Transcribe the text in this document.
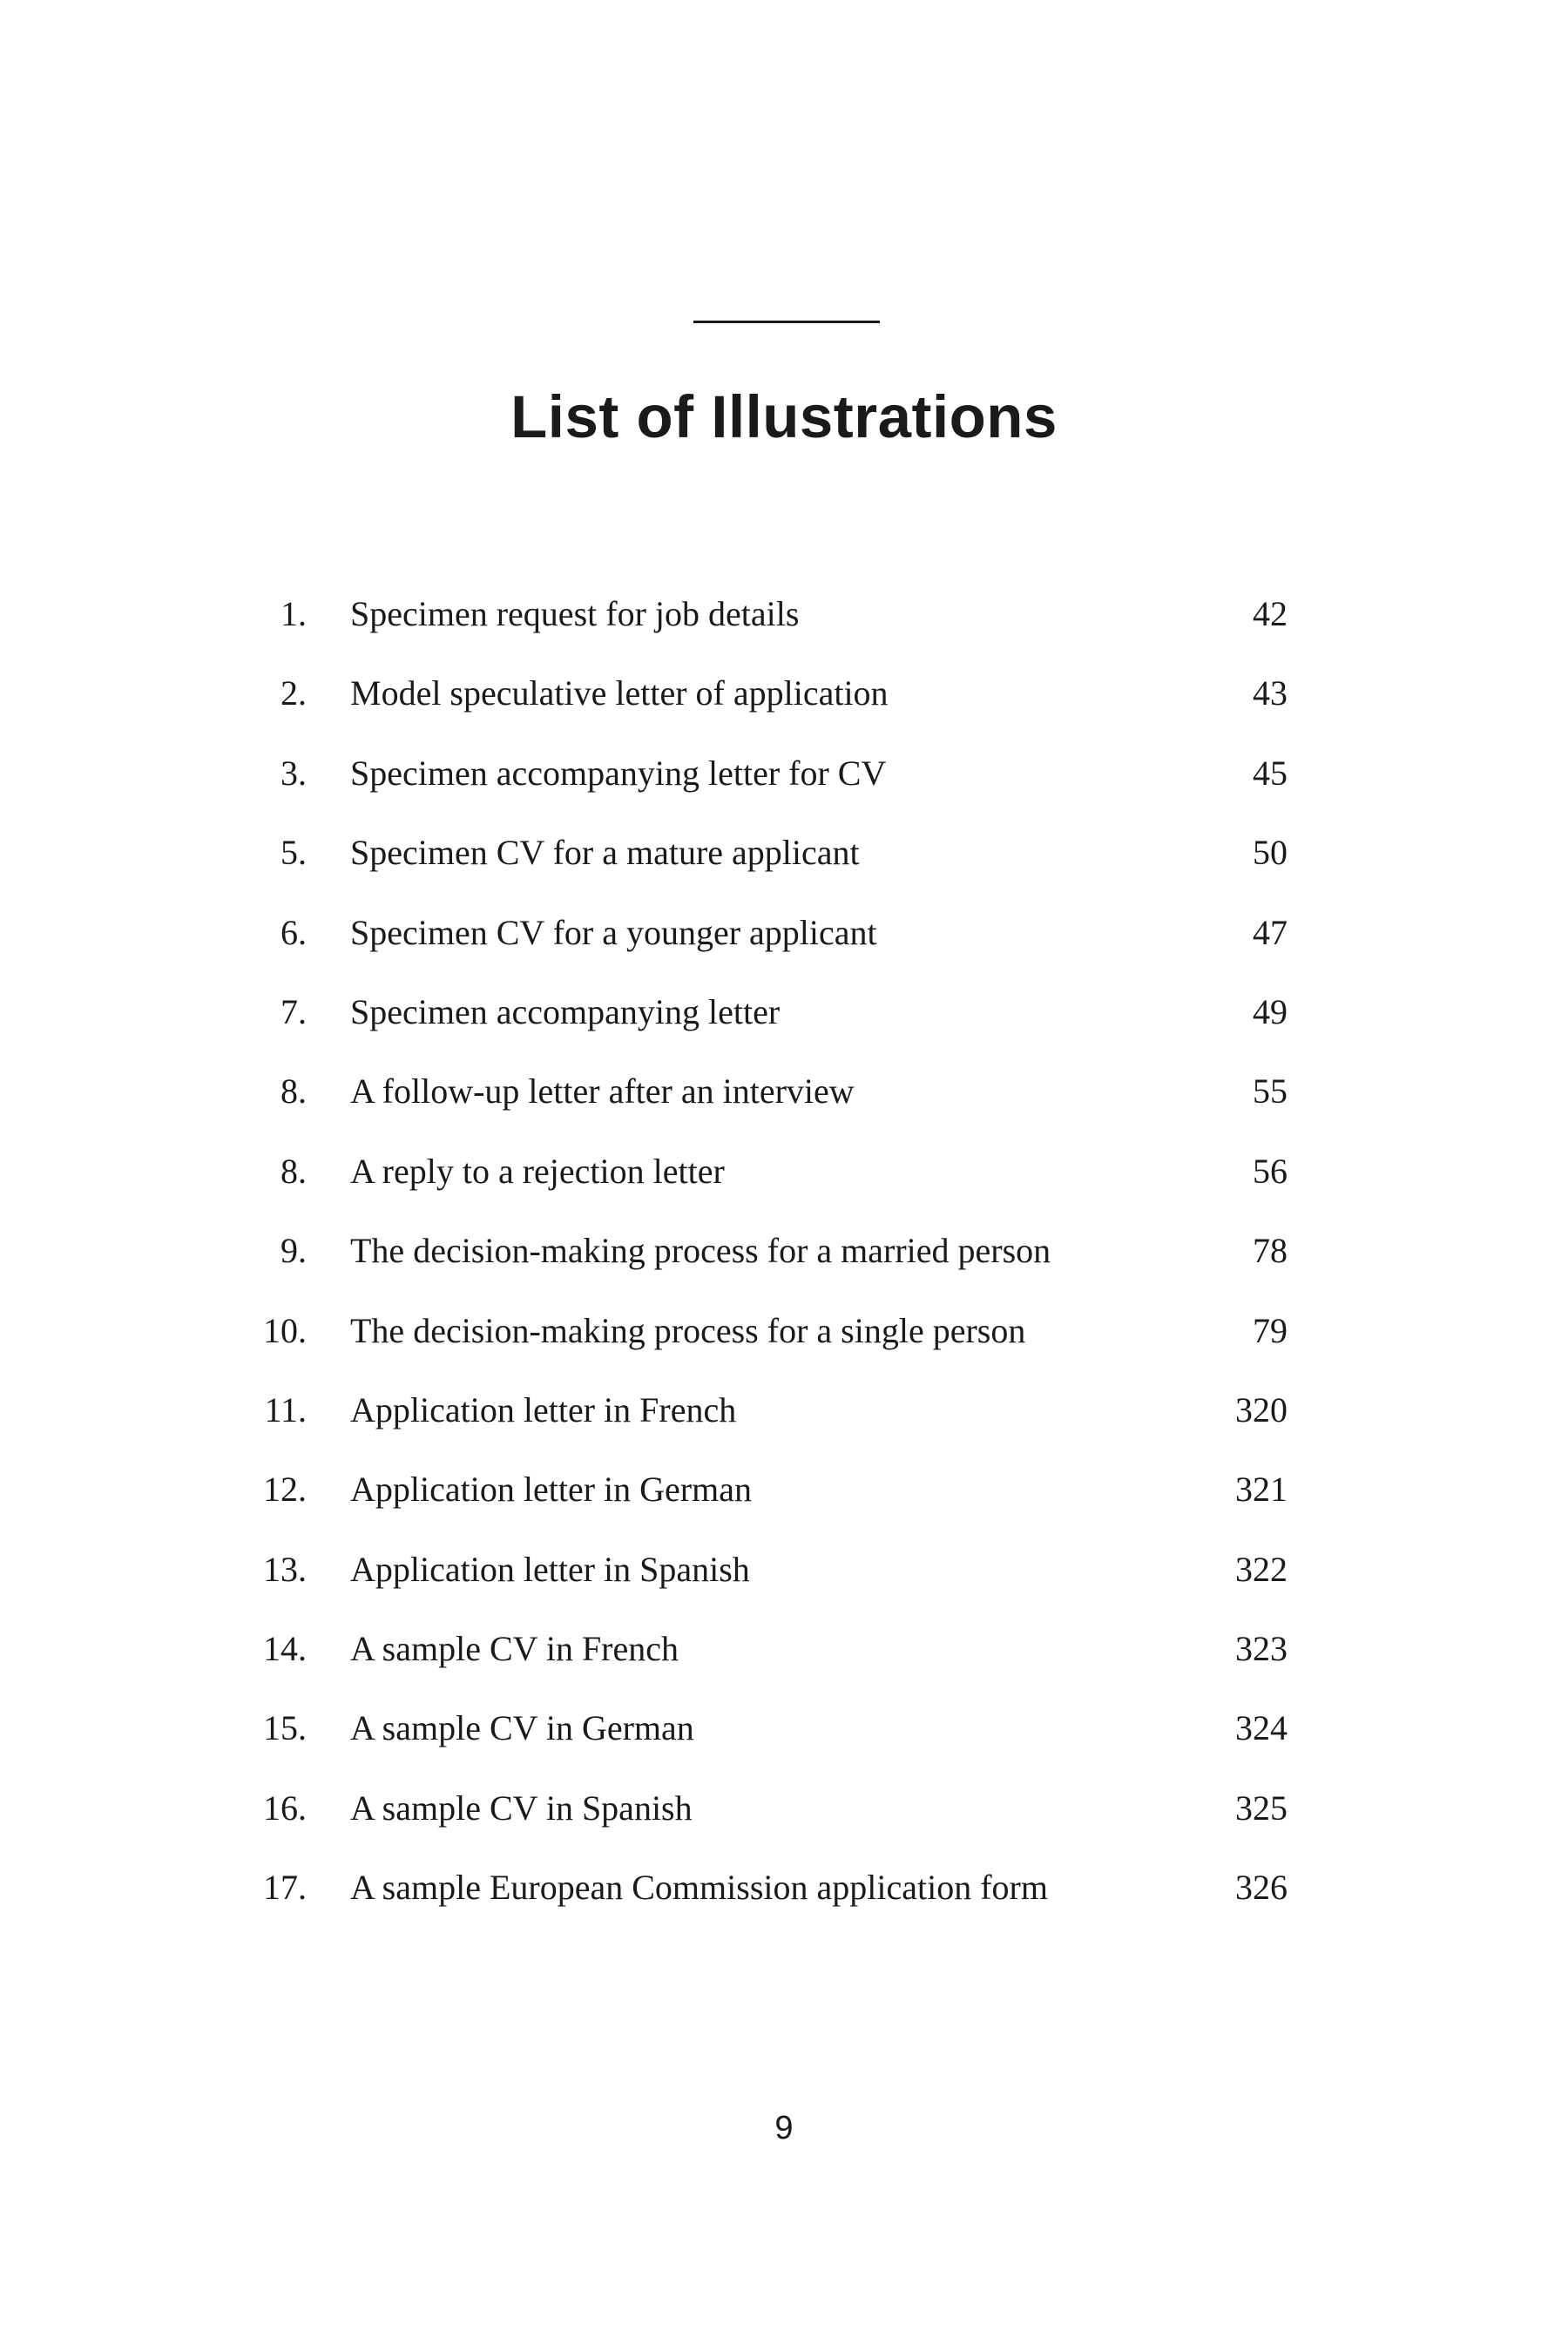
List of Illustrations
1. Specimen request for job details	42
2. Model speculative letter of application	43
3. Specimen accompanying letter for CV	45
5. Specimen CV for a mature applicant	50
6. Specimen CV for a younger applicant	47
7. Specimen accompanying letter	49
8. A follow-up letter after an interview	55
8. A reply to a rejection letter	56
9. The decision-making process for a married person	78
10. The decision-making process for a single person	79
11. Application letter in French	320
12. Application letter in German	321
13. Application letter in Spanish	322
14. A sample CV in French	323
15. A sample CV in German	324
16. A sample CV in Spanish	325
17. A sample European Commission application form	326
9
